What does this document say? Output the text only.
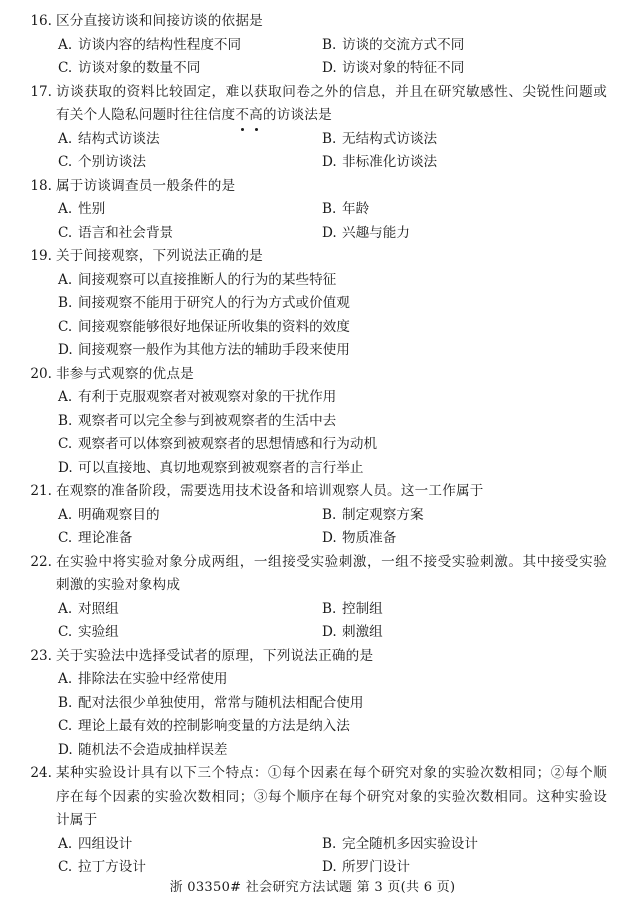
16. 区分直接访谈和间接访谈的依据是
A. 访谈内容的结构性程度不同	B. 访谈的交流方式不同
C. 访谈对象的数量不同	D. 访谈对象的特征不同
17. 访谈获取的资料比较固定，难以获取问卷之外的信息，并且在研究敏感性、尖锐性问题或有关个人隐私问题时往往信度不高的访谈法是
A. 结构式访谈法	B. 无结构式访谈法
C. 个别访谈法	D. 非标准化访谈法
18. 属于访谈调查员一般条件的是
A. 性别	B. 年龄
C. 语言和社会背景	D. 兴趣与能力
19. 关于间接观察，下列说法正确的是
A. 间接观察可以直接推断人的行为的某些特征
B. 间接观察不能用于研究人的行为方式或价值观
C. 间接观察能够很好地保证所收集的资料的效度
D. 间接观察一般作为其他方法的辅助手段来使用
20. 非参与式观察的优点是
A. 有利于克服观察者对被观察对象的干扰作用
B. 观察者可以完全参与到被观察者的生活中去
C. 观察者可以体察到被观察者的思想情感和行为动机
D. 可以直接地、真切地观察到被观察者的言行举止
21. 在观察的准备阶段，需要选用技术设备和培训观察人员。这一工作属于
A. 明确观察目的	B. 制定观察方案
C. 理论准备	D. 物质准备
22. 在实验中将实验对象分成两组，一组接受实验刺激，一组不接受实验刺激。其中接受实验刺激的实验对象构成
A. 对照组	B. 控制组
C. 实验组	D. 刺激组
23. 关于实验法中选择受试者的原理，下列说法正确的是
A. 排除法在实验中经常使用
B. 配对法很少单独使用，常常与随机法相配合使用
C. 理论上最有效的控制影响变量的方法是纳入法
D. 随机法不会造成抽样误差
24. 某种实验设计具有以下三个特点：①每个因素在每个研究对象的实验次数相同；②每个顺序在每个因素的实验次数相同；③每个顺序在每个研究对象的实验次数相同。这种实验设计属于
A. 四组设计	B. 完全随机多因实验设计
C. 拉丁方设计	D. 所罗门设计
浙 03350# 社会研究方法试题 第 3 页(共 6 页)
